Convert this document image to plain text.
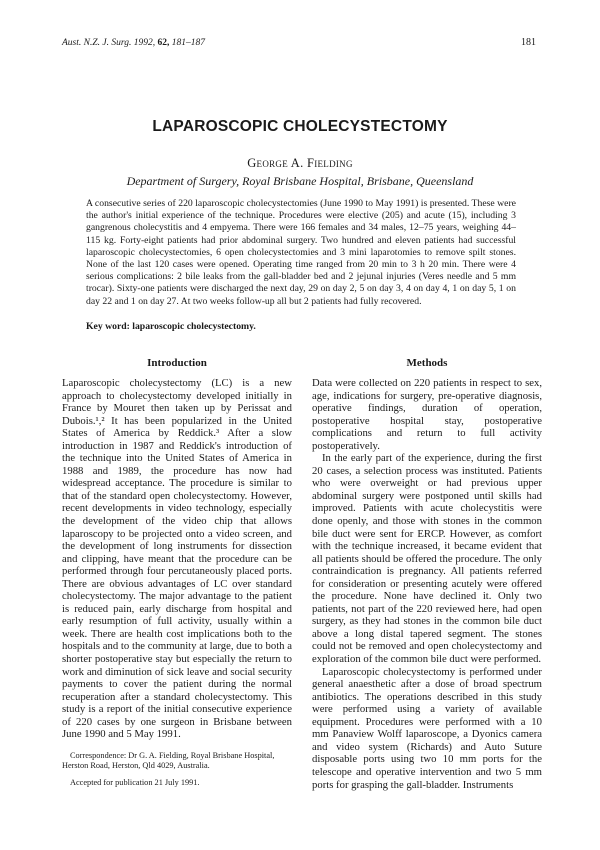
Aust. N.Z. J. Surg. 1992, 62, 181–187	181
LAPAROSCOPIC CHOLECYSTECTOMY
George A. Fielding
Department of Surgery, Royal Brisbane Hospital, Brisbane, Queensland

A consecutive series of 220 laparoscopic cholecystectomies (June 1990 to May 1991) is presented. These were the author's initial experience of the technique. Procedures were elective (205) and acute (15), including 3 gangrenous cholecystitis and 4 empyema. There were 166 females and 34 males, 12–75 years, weighing 44–115 kg. Forty-eight patients had prior abdominal surgery. Two hundred and eleven patients had successful laparoscopic cholecystectomies, 6 open cholecystectomies and 3 mini laparotomies to remove spilt stones. None of the last 120 cases were opened. Operating time ranged from 20 min to 3 h 20 min. There were 4 serious complications: 2 bile leaks from the gall-bladder bed and 2 jejunal injuries (Veres needle and 5 mm trocar). Sixty-one patients were discharged the next day, 29 on day 2, 5 on day 3, 4 on day 4, 1 on day 5, 1 on day 22 and 1 on day 27. At two weeks follow-up all but 2 patients had fully recovered.

Key word: laparoscopic cholecystectomy.
Introduction

Laparoscopic cholecystectomy (LC) is a new approach to cholecystectomy developed initially in France by Mouret then taken up by Perissat and Dubois.¹,² It has been popularized in the United States of America by Reddick.³ After a slow introduction in 1987 and Reddick's introduction of the technique into the United States of America in 1988 and 1989, the procedure has now had widespread acceptance. The procedure is similar to that of the standard open cholecystectomy. However, recent developments in video technology, especially the development of the video chip that allows laparoscopy to be projected onto a video screen, and the development of long instruments for dissection and clipping, have meant that the procedure can be performed through four percutaneously placed ports. There are obvious advantages of LC over standard cholecystectomy. The major advantage to the patient is reduced pain, early discharge from hospital and early resumption of full activity, usually within a week. There are health cost implications both to the hospitals and to the community at large, due to both a shorter postoperative stay but especially the return to work and diminution of sick leave and social security payments to cover the patient during the normal recuperation after a standard cholecystectomy. This study is a report of the initial consecutive experience of 220 cases by one surgeon in Brisbane between June 1990 and 5 May 1991.

Correspondence: Dr G. A. Fielding, Royal Brisbane Hospital, Herston Road, Herston, Qld 4029, Australia.
Accepted for publication 21 July 1991.
Methods

Data were collected on 220 patients in respect to sex, age, indications for surgery, pre-operative diagnosis, operative findings, duration of operation, postoperative hospital stay, postoperative complications and return to full activity postoperatively.

In the early part of the experience, during the first 20 cases, a selection process was instituted. Patients who were overweight or had previous upper abdominal surgery were postponed until skills had improved. Patients with acute cholecystitis were done openly, and those with stones in the common bile duct were sent for ERCP. However, as comfort with the technique increased, it became evident that all patients should be offered the procedure. The only contraindication is pregnancy. All patients referred for consideration or presenting acutely were offered the procedure. None have declined it. Only two patients, not part of the 220 reviewed here, had open surgery, as they had stones in the common bile duct above a long distal tapered segment. The stones could not be removed and open cholecystectomy and exploration of the common bile duct were performed.

Laparoscopic cholecystectomy is performed under general anaesthetic after a dose of broad spectrum antibiotics. The operations described in this study were performed using a variety of available equipment. Procedures were performed with a 10 mm Panaview Wolff laparoscope, a Dyonics camera and video system (Richards) and Auto Suture disposable ports using two 10 mm ports for the telescope and operative intervention and two 5 mm ports for grasping the gall-bladder. Instruments
